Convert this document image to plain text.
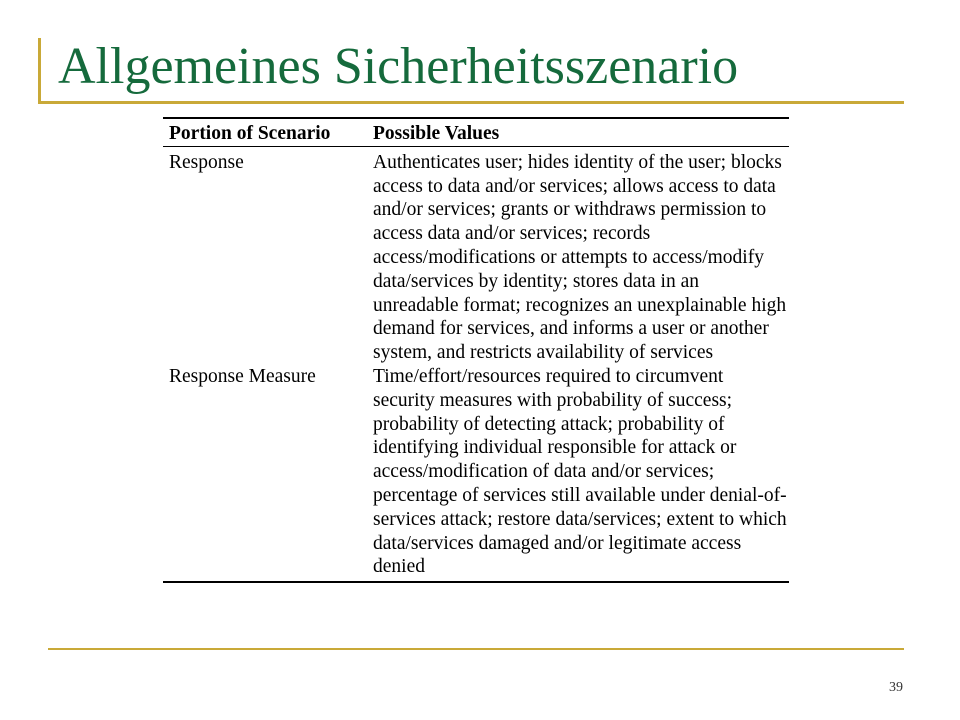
Allgemeines Sicherheitsszenario
Portion of Scenario	Possible Values
Response	Authenticates user; hides identity of the user; blocks access to data and/or services; allows access to data and/or services; grants or withdraws permission to access data and/or services; records access/modifications or attempts to access/modify data/services by identity; stores data in an unreadable format; recognizes an unexplainable high demand for services, and informs a user or another system, and restricts availability of services
Response Measure	Time/effort/resources required to circumvent security measures with probability of success; probability of detecting attack; probability of identifying individual responsible for attack or access/modification of data and/or services; percentage of services still available under denial-of-services attack; restore data/services; extent to which data/services damaged and/or legitimate access denied
39
